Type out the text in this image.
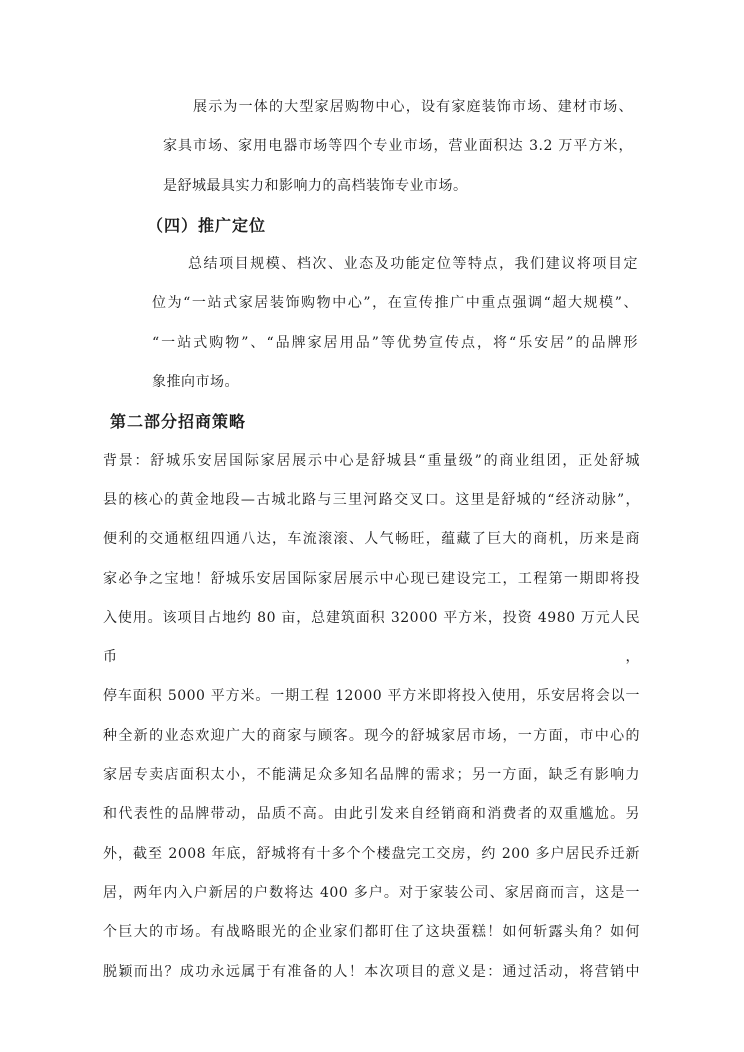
展示为一体的大型家居购物中心，设有家庭装饰市场、建材市场、
家具市场、家用电器市场等四个专业市场，营业面积达 3.2 万平方米，
是舒城最具实力和影响力的高档装饰专业市场。
（四）推广定位
总结项目规模、档次、业态及功能定位等特点，我们建议将项目定
位为“一站式家居装饰购物中心”，在宣传推广中重点强调“超大规模”、
“一站式购物”、“品牌家居用品”等优势宣传点，将“乐安居”的品牌形
象推向市场。
第二部分招商策略
背景：舒城乐安居国际家居展示中心是舒城县“重量级”的商业组团，正处舒城
县的核心的黄金地段—古城北路与三里河路交叉口。这里是舒城的“经济动脉”，
便利的交通枢纽四通八达，车流滚滚、人气畅旺，蕴藏了巨大的商机，历来是商
家必争之宝地！舒城乐安居国际家居展示中心现已建设完工，工程第一期即将投
入使用。该项目占地约 80 亩，总建筑面积 32000 平方米，投资 4980 万元人民币，
停车面积 5000 平方米。一期工程 12000 平方米即将投入使用，乐安居将会以一
种全新的业态欢迎广大的商家与顾客。现今的舒城家居市场，一方面，市中心的
家居专卖店面积太小，不能满足众多知名品牌的需求；另一方面，缺乏有影响力
和代表性的品牌带动，品质不高。由此引发来自经销商和消费者的双重尴尬。另
外，截至 2008 年底，舒城将有十多个个楼盘完工交房，约 200 多户居民乔迁新
居，两年内入户新居的户数将达 400 多户。对于家装公司、家居商而言，这是一
个巨大的市场。有战略眼光的企业家们都盯住了这块蛋糕！如何斩露头角？如何
脱颖而出？成功永远属于有准备的人！本次项目的意义是：通过活动，将营销中
